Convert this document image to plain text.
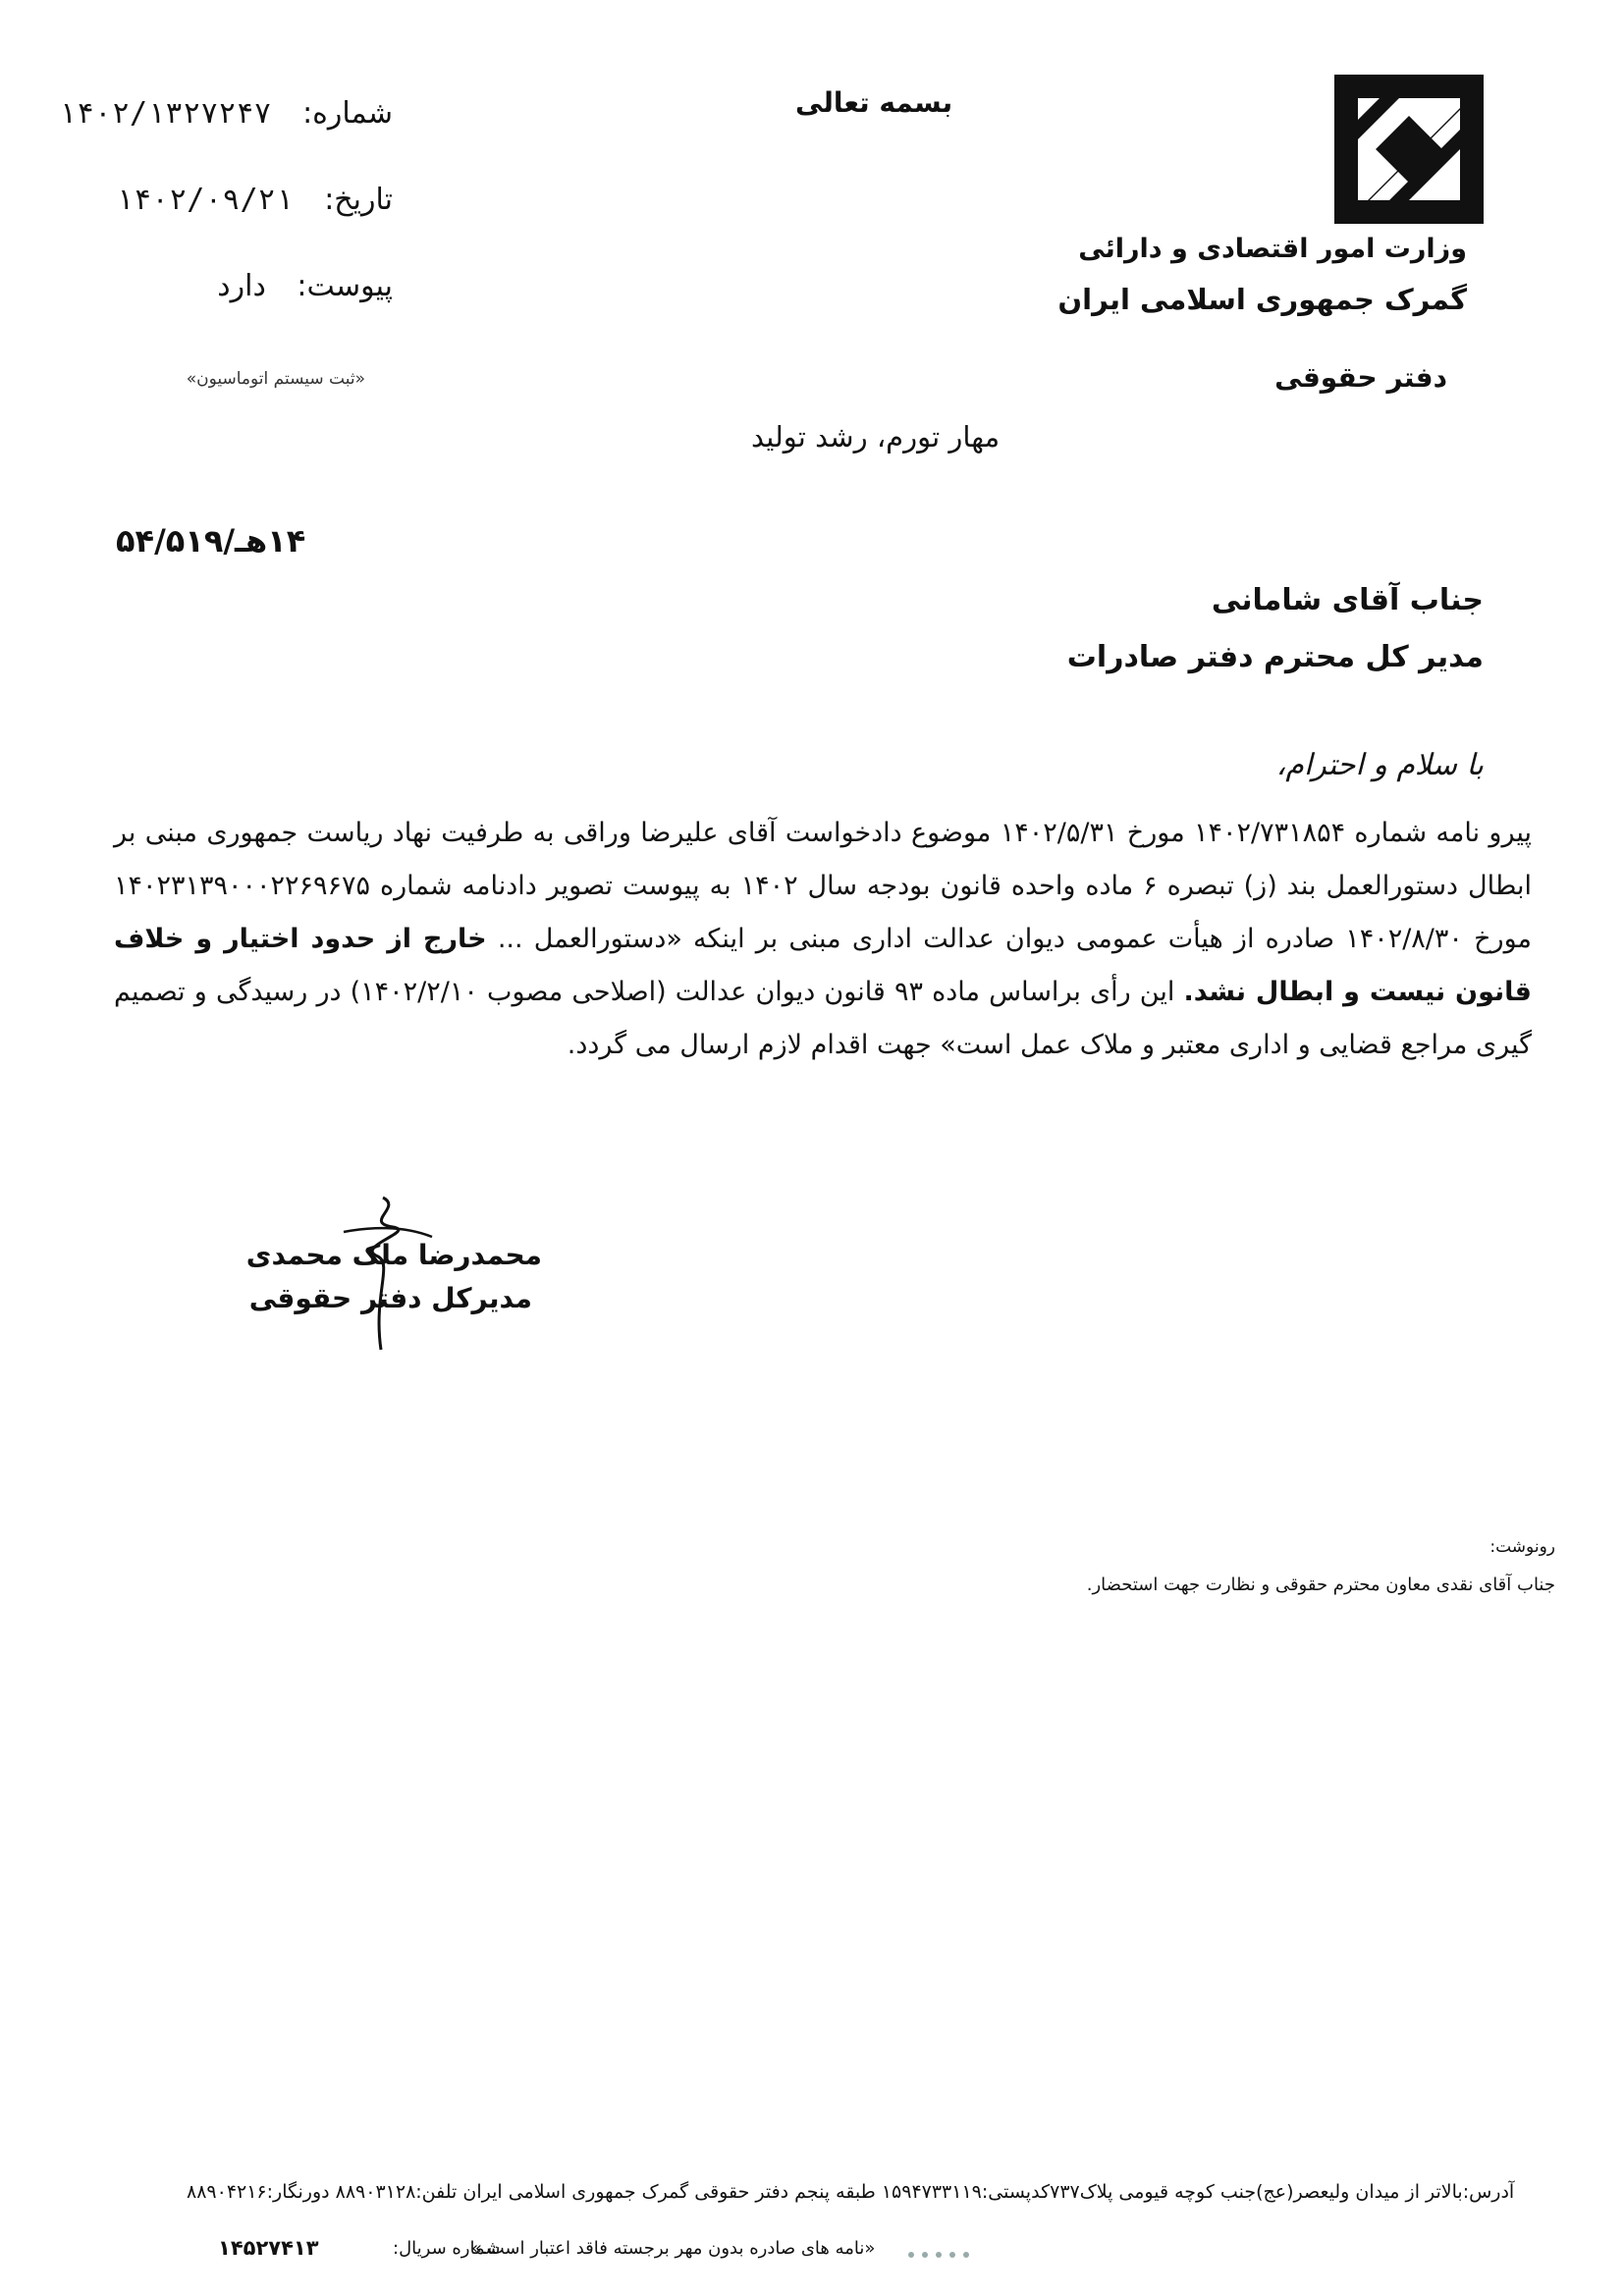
وزارت امور اقتصادی و دارائی
گمرک جمهوری اسلامی ایران
دفتر حقوقی
بسمه تعالی
شماره: ۱۴۰۲/۱۳۲۷۲۴۷
تاریخ: ۱۴۰۲/۰۹/۲۱
پیوست: دارد
«ثبت سیستم اتوماسیون»
مهار تورم، رشد تولید
۱۴هـ/۵۴/۵۱۹
جناب آقای شامانی
مدیر کل محترم دفتر صادرات
با سلام و احترام،
پیرو نامه شماره ۱۴۰۲/۷۳۱۸۵۴ مورخ ۱۴۰۲/۵/۳۱ موضوع دادخواست آقای علیرضا وراقی به طرفیت نهاد ریاست جمهوری مبنی بر ابطال دستورالعمل بند (ز) تبصره ۶ ماده واحده قانون بودجه سال ۱۴۰۲ به پیوست تصویر دادنامه شماره ۱۴۰۲۳۱۳۹۰۰۰۲۲۶۹۶۷۵ مورخ ۱۴۰۲/۸/۳۰ صادره از هیأت عمومی دیوان عدالت اداری مبنی بر اینکه «دستورالعمل ... خارج از حدود اختیار و خلاف قانون نیست و ابطال نشد. این رأی براساس ماده ۹۳ قانون دیوان عدالت (اصلاحی مصوب ۱۴۰۲/۲/۱۰) در رسیدگی و تصمیم گیری مراجع قضایی و اداری معتبر و ملاک عمل است» جهت اقدام لازم ارسال می گردد.
محمدرضا ملک محمدی
مدیرکل دفتر حقوقی
رونوشت:
جناب آقای نقدی معاون محترم حقوقی و نظارت جهت استحضار.
آدرس:بالاتر از میدان ولیعصر(عج)جنب کوچه قیومی پلاک۷۳۷کدپستی:۱۵۹۴۷۳۳۱۱۹ طبقه پنجم دفتر حقوقی گمرک جمهوری اسلامی ایران تلفن:۸۸۹۰۳۱۲۸ دورنگار:۸۸۹۰۴۲۱۶
۱۴۵۲۷۴۱۳	شماره سریال:
«نامه های صادره بدون مهر برجسته فاقد اعتبار است.»
